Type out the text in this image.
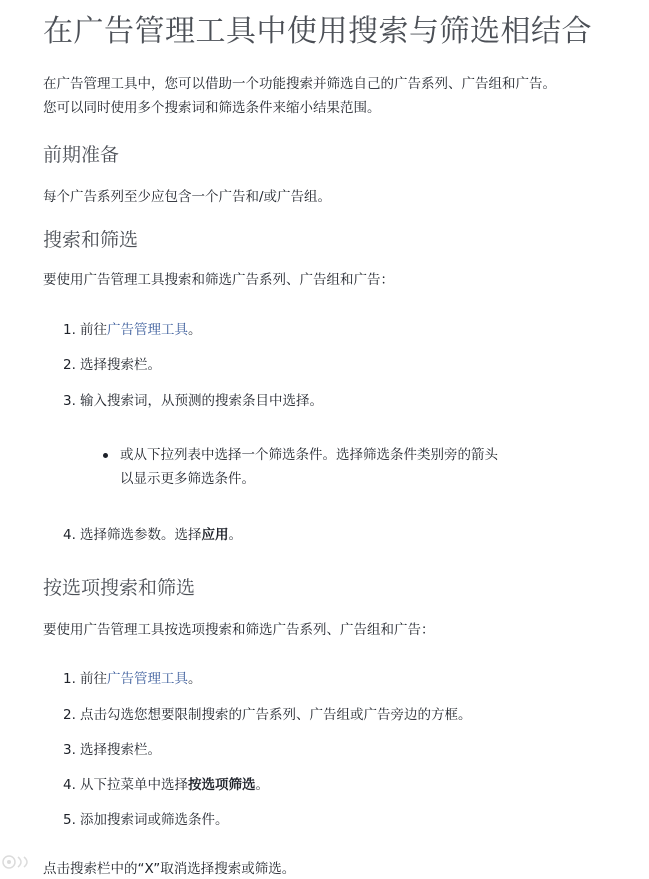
在广告管理工具中使用搜索与筛选相结合

在广告管理工具中，您可以借助一个功能搜索并筛选自己的广告系列、广告组和广告。
您可以同时使用多个搜索词和筛选条件来缩小结果范围。

前期准备

每个广告系列至少应包含一个广告和/或广告组。

搜索和筛选

要使用广告管理工具搜索和筛选广告系列、广告组和广告：

1. 前往广告管理工具。

2. 选择搜索栏。

3. 输入搜索词，从预测的搜索条目中选择。

或从下拉列表中选择一个筛选条件。选择筛选条件类别旁的箭头
以显示更多筛选条件。

4. 选择筛选参数。选择应用。

按选项搜索和筛选

要使用广告管理工具按选项搜索和筛选广告系列、广告组和广告：

1. 前往广告管理工具。

2. 点击勾选您想要限制搜索的广告系列、广告组或广告旁边的方框。

3. 选择搜索栏。

4. 从下拉菜单中选择按选项筛选。

5. 添加搜索词或筛选条件。

点击搜索栏中的“X”取消选择搜索或筛选。
